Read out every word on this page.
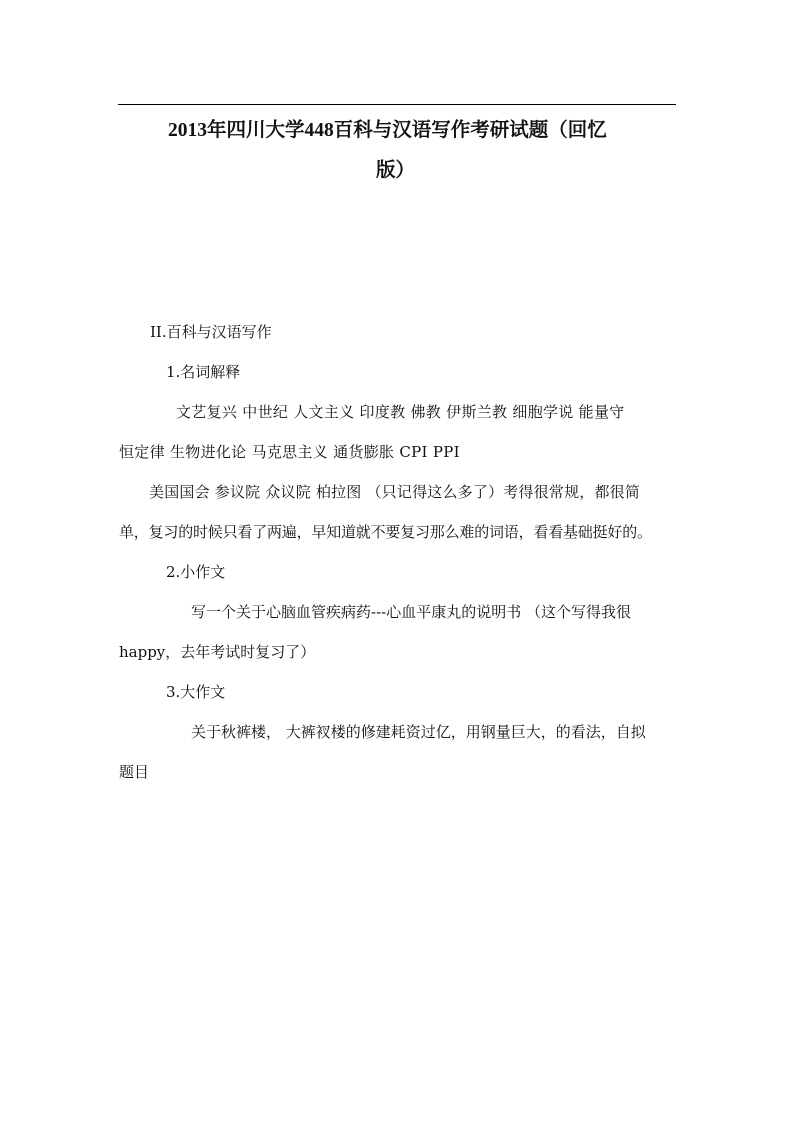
2013年四川大学448百科与汉语写作考研试题（回忆
版）
II.百科与汉语写作
1.名词解释
文艺复兴 中世纪 人文主义 印度教 佛教 伊斯兰教 细胞学说 能量守
恒定律 生物进化论 马克思主义 通货膨胀 CPI PPI
美国国会 参议院 众议院 柏拉图 （只记得这么多了）考得很常规，都很简
单，复习的时候只看了两遍，早知道就不要复习那么难的词语，看看基础挺好的。
2.小作文
写一个关于心脑血管疾病药---心血平康丸的说明书 （这个写得我很
happy，去年考试时复习了）
3.大作文
关于秋裤楼， 大裤衩楼的修建耗资过亿，用钢量巨大，的看法，自拟
题目
